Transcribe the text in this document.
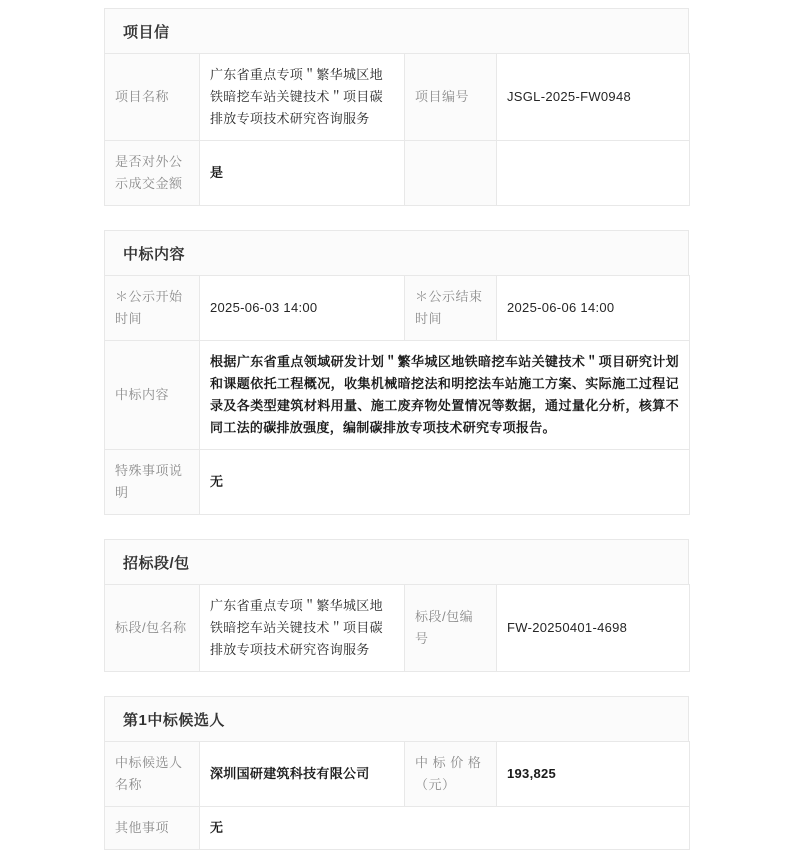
项目信
项目名称	广东省重点专项＂繁华城区地铁暗挖车站关键技术＂项目碳排放专项技术研究咨询服务	项目编号	JSGL-2025-FW0948
是否对外公示成交金额	是		
中标内容
＊公示开始时间	2025-06-03 14:00	＊公示结束时间	2025-06-06 14:00
中标内容	根据广东省重点领域研发计划＂繁华城区地铁暗挖车站关键技术＂项目研究计划和课题依托工程概况，收集机械暗挖法和明挖法车站施工方案、实际施工过程记录及各类型建筑材料用量、施工废弃物处置情况等数据，通过量化分析，核算不同工法的碳排放强度，编制碳排放专项技术研究专项报告。		
特殊事项说明	无		
招标段/包
标段/包名称	广东省重点专项＂繁华城区地铁暗挖车站关键技术＂项目碳排放专项技术研究咨询服务	标段/包编号	FW-20250401-4698
第1中标候选人
中标候选人名称	深圳国研建筑科技有限公司	中 标 价 格（元）	193,825
其他事项	无		
